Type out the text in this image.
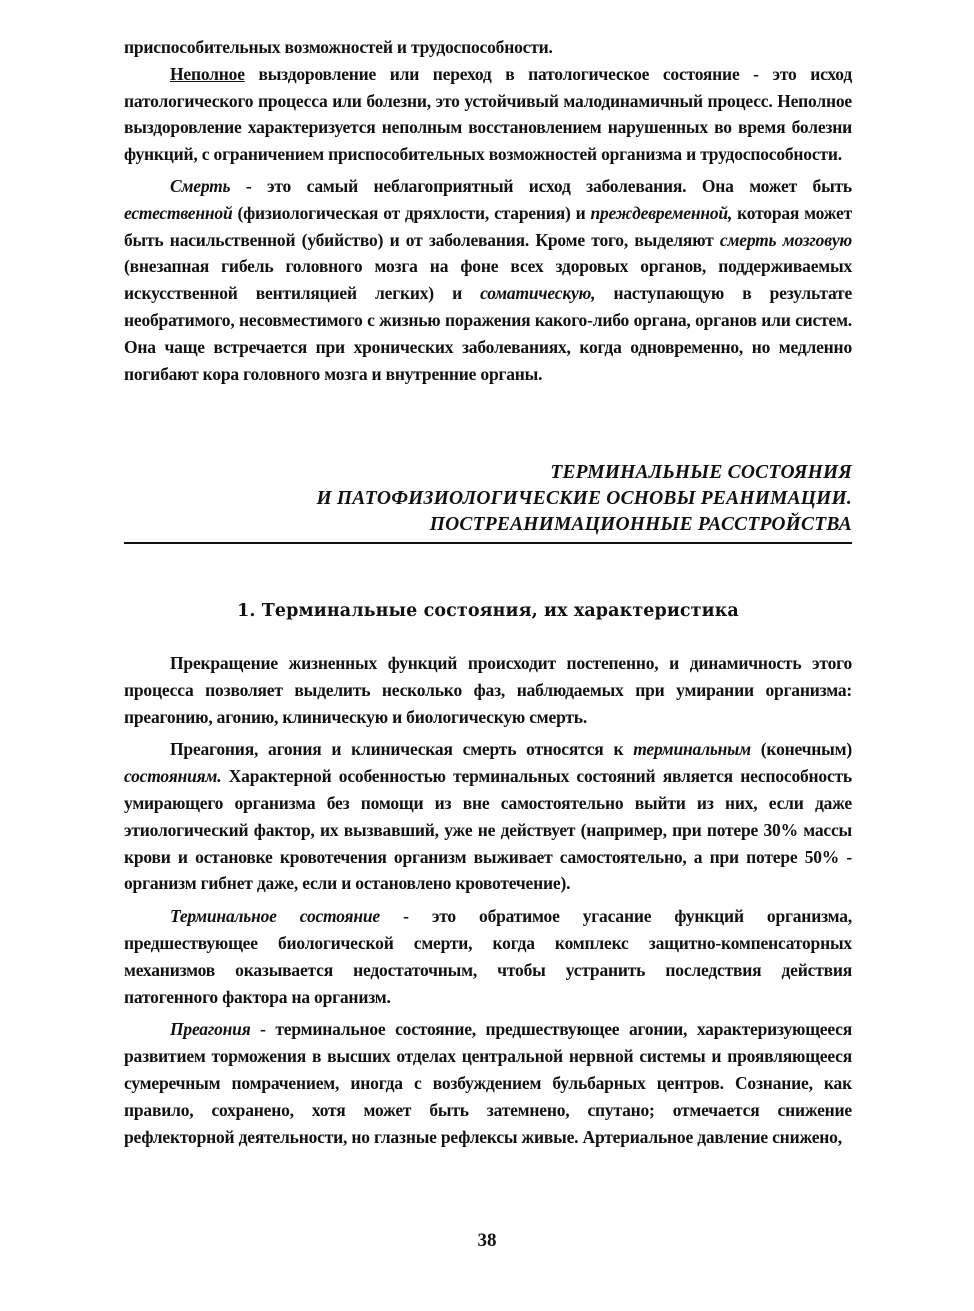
приспособительных возможностей и трудоспособности.

Неполное выздоровление или переход в патологическое состояние - это исход патологического процесса или болезни, это устойчивый малодинамичный процесс. Неполное выздоровление характеризуется неполным восстановлением нарушенных во время болезни функций, с ограничением приспособительных возможностей организма и трудоспособности.

Смерть - это самый неблагоприятный исход заболевания. Она может быть естественной (физиологическая от дряхлости, старения) и преждевременной, которая может быть насильственной (убийство) и от заболевания. Кроме того, выделяют смерть мозговую (внезапная гибель головного мозга на фоне всех здоровых органов, поддерживаемых искусственной вентиляцией легких) и соматическую, наступающую в результате необратимого, несовместимого с жизнью поражения какого-либо органа, органов или систем. Она чаще встречается при хронических заболеваниях, когда одновременно, но медленно погибают кора головного мозга и внутренние органы.

ТЕРМИНАЛЬНЫЕ СОСТОЯНИЯ
И ПАТОФИЗИОЛОГИЧЕСКИЕ ОСНОВЫ РЕАНИМАЦИИ.
ПОСТРЕАНИМАЦИОННЫЕ РАССТРОЙСТВА
1. Терминальные состояния, их характеристика

Прекращение жизненных функций происходит постепенно, и динамичность этого процесса позволяет выделить несколько фаз, наблюдаемых при умирании организма: преагонию, агонию, клиническую и биологическую смерть.

Преагония, агония и клиническая смерть относятся к терминальным (конечным) состояниям. Характерной особенностью терминальных состояний является неспособность умирающего организма без помощи из вне самостоятельно выйти из них, если даже этиологический фактор, их вызвавший, уже не действует (например, при потере 30% массы крови и остановке кровотечения организм выживает самостоятельно, а при потере 50% - организм гибнет даже, если и остановлено кровотечение).

Терминальное состояние - это обратимое угасание функций организма, предшествующее биологической смерти, когда комплекс защитно-компенсаторных механизмов оказывается недостаточным, чтобы устранить последствия действия патогенного фактора на организм.

Преагония - терминальное состояние, предшествующее агонии, характеризующееся развитием торможения в высших отделах центральной нервной системы и проявляющееся сумеречным помрачением, иногда с возбуждением бульбарных центров. Сознание, как правило, сохранено, хотя может быть затемнено, спутано; отмечается снижение рефлекторной деятельности, но глазные рефлексы живые. Артериальное давление снижено,

38
